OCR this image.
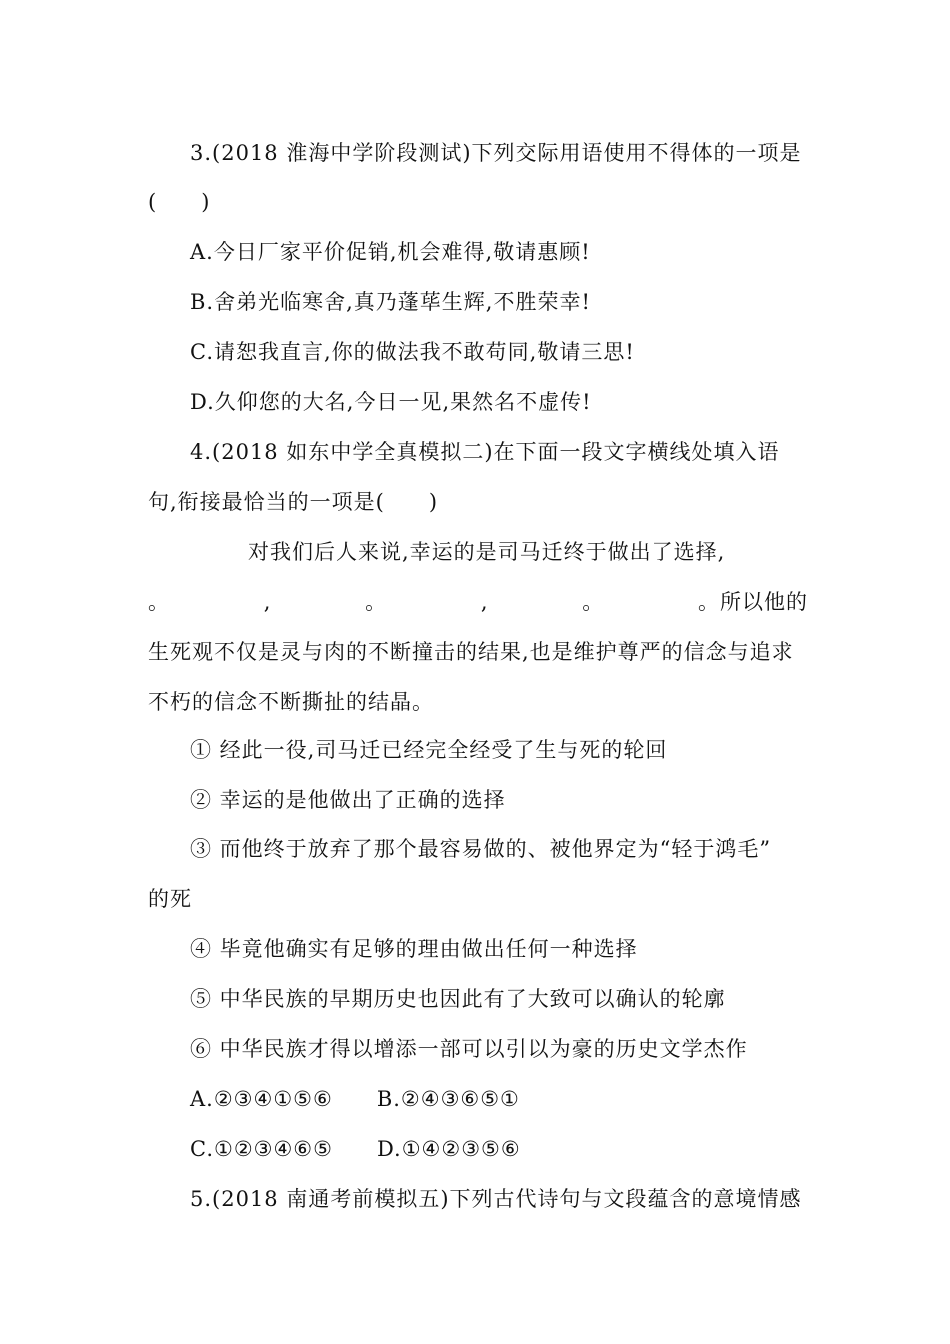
3.(2018 淮海中学阶段测试)下列交际用语使用不得体的一项是
(　　)
A.今日厂家平价促销,机会难得,敬请惠顾!
B.舍弟光临寒舍,真乃蓬荜生辉,不胜荣幸!
C.请恕我直言,你的做法我不敢苟同,敬请三思!
D.久仰您的大名,今日一见,果然名不虚传!
4.(2018 如东中学全真模拟二)在下面一段文字横线处填入语
句,衔接最恰当的一项是(　　)
对我们后人来说,幸运的是司马迁终于做出了选择,
。	,	。	,	。	。所以他的
生死观不仅是灵与肉的不断撞击的结果,也是维护尊严的信念与追求
不朽的信念不断撕扯的结晶。
① 经此一役,司马迁已经完全经受了生与死的轮回
② 幸运的是他做出了正确的选择
③ 而他终于放弃了那个最容易做的、被他界定为“轻于鸿毛”
的死
④ 毕竟他确实有足够的理由做出任何一种选择
⑤ 中华民族的早期历史也因此有了大致可以确认的轮廓
⑥ 中华民族才得以增添一部可以引以为豪的历史文学杰作
A.②③④①⑤⑥ B.②④③⑥⑤①
C.①②③④⑥⑤ D.①④②③⑤⑥
5.(2018 南通考前模拟五)下列古代诗句与文段蕴含的意境情感
